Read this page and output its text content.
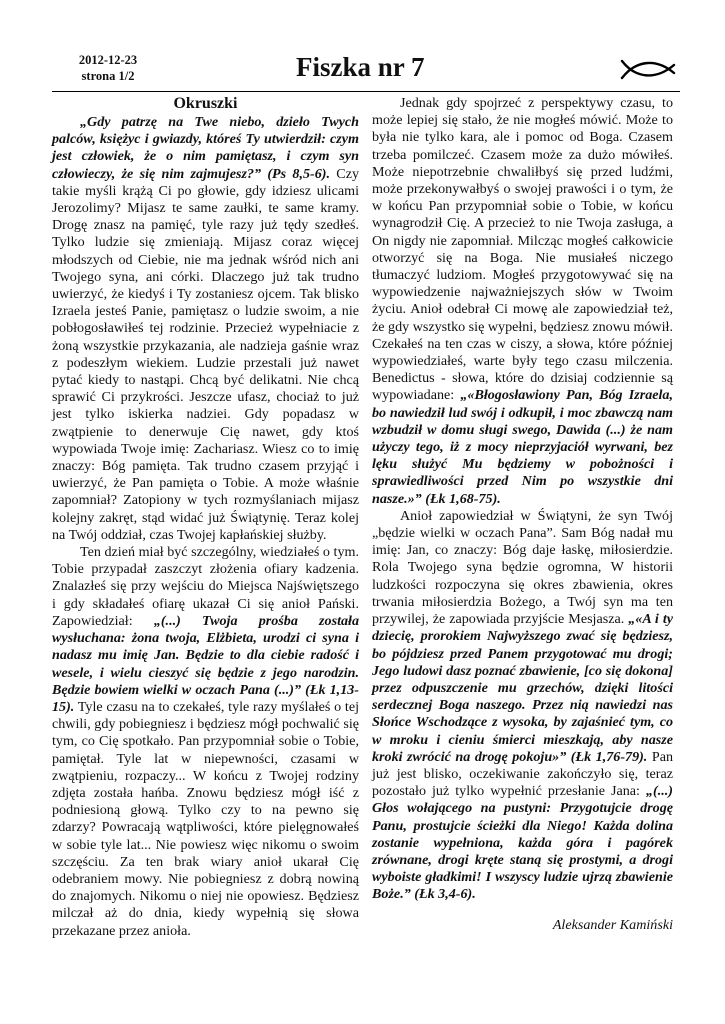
2012-12-23
strona 1/2	Fiszka nr 7
Okruszki

„Gdy patrzę na Twe niebo, dzieło Twych palców, księżyc i gwiazdy, któreś Ty utwierdził: czym jest człowiek, że o nim pamiętasz, i czym syn człowieczy, że się nim zajmujesz?” (Ps 8,5-6). Czy takie myśli krążą Ci po głowie, gdy idziesz ulicami Jerozolimy? Mijasz te same zaułki, te same kramy. Drogę znasz na pamięć, tyle razy już tędy szedłeś. Tylko ludzie się zmieniają. Mijasz coraz więcej młodszych od Ciebie, nie ma jednak wśród nich ani Twojego syna, ani córki. Dlaczego już tak trudno uwierzyć, że kiedyś i Ty zostaniesz ojcem. Tak blisko Izraela jesteś Panie, pamiętasz o ludzie swoim, a nie pobłogosławiłeś tej rodzinie. Przecież wypełniacie z żoną wszystkie przykazania, ale nadzieja gaśnie wraz z podeszłym wiekiem. Ludzie przestali już nawet pytać kiedy to nastąpi. Chcą być delikatni. Nie chcą sprawić Ci przykrości. Jeszcze ufasz, chociaż to już jest tylko iskierka nadziei. Gdy popadasz w zwątpienie to denerwuje Cię nawet, gdy ktoś wypowiada Twoje imię: Zachariasz. Wiesz co to imię znaczy: Bóg pamięta. Tak trudno czasem przyjąć i uwierzyć, że Pan pamięta o Tobie. A może właśnie zapomniał? Zatopiony w tych rozmyślaniach mijasz kolejny zakręt, stąd widać już Świątynię. Teraz kolej na Twój oddział, czas Twojej kapłańskiej służby.

Ten dzień miał być szczególny, wiedziałeś o tym. Tobie przypadał zaszczyt złożenia ofiary kadzenia. Znalazłeś się przy wejściu do Miejsca Najświętszego i gdy składałeś ofiarę ukazał Ci się anioł Pański. Zapowiedział: „(...) Twoja prośba została wysłuchana: żona twoja, Elżbieta, urodzi ci syna i nadasz mu imię Jan. Będzie to dla ciebie radość i wesele, i wielu cieszyć się będzie z jego narodzin. Będzie bowiem wielki w oczach Pana (...)” (Łk 1,13-15). Tyle czasu na to czekałeś, tyle razy myślałeś o tej chwili, gdy pobiegniesz i będziesz mógł pochwalić się tym, co Cię spotkało. Pan przypomniał sobie o Tobie, pamiętał. Tyle lat w niepewności, czasami w zwątpieniu, rozpaczy... W końcu z Twojej rodziny zdjęta została hańba. Znowu będziesz mógł iść z podniesioną głową. Tylko czy to na pewno się zdarzy? Powracają wątpliwości, które pielęgnowałeś w sobie tyle lat... Nie powiesz więc nikomu o swoim szczęściu. Za ten brak wiary anioł ukarał Cię odebraniem mowy. Nie pobiegniesz z dobrą nowiną do znajomych. Nikomu o niej nie opowiesz. Będziesz milczał aż do dnia, kiedy wypełnią się słowa przekazane przez anioła.

Jednak gdy spojrzeć z perspektywy czasu, to może lepiej się stało, że nie mogłeś mówić. Może to była nie tylko kara, ale i pomoc od Boga. Czasem trzeba pomilczeć. Czasem może za dużo mówiłeś. Może niepotrzebnie chwaliłbyś się przed ludźmi, może przekonywałbyś o swojej prawości i o tym, że w końcu Pan przypomniał sobie o Tobie, w końcu wynagrodził Cię. A przecież to nie Twoja zasługa, a On nigdy nie zapomniał. Milcząc mogłeś całkowicie otworzyć się na Boga. Nie musiałeś niczego tłumaczyć ludziom. Mogłeś przygotowywać się na wypowiedzenie najważniejszych słów w Twoim życiu. Anioł odebrał Ci mowę ale zapowiedział też, że gdy wszystko się wypełni, będziesz znowu mówił. Czekałeś na ten czas w ciszy, a słowa, które później wypowiedziałeś, warte były tego czasu milczenia. Benedictus - słowa, które do dzisiaj codziennie są wypowiadane: „«Błogosławiony Pan, Bóg Izraela, bo nawiedził lud swój i odkupił, i moc zbawczą nam wzbudził w domu sługi swego, Dawida (...) że nam użyczy tego, iż z mocy nieprzyjaciół wyrwani, bez lęku służyć Mu będziemy w pobożności i sprawiedliwości przed Nim po wszystkie dni nasze.»” (Łk 1,68-75).

Anioł zapowiedział w Świątyni, że syn Twój „będzie wielki w oczach Pana”. Sam Bóg nadał mu imię: Jan, co znaczy: Bóg daje łaskę, miłosierdzie. Rola Twojego syna będzie ogromna, W historii ludzkości rozpoczyna się okres zbawienia, okres trwania miłosierdzia Bożego, a Twój syn ma ten przywilej, że zapowiada przyjście Mesjasza. „«A i ty dziecię, prorokiem Najwyższego zwać się będziesz, bo pójdziesz przed Panem przygotować mu drogi; Jego ludowi dasz poznać zbawienie, [co się dokona] przez odpuszczenie mu grzechów, dzięki litości serdecznej Boga naszego. Przez nią nawiedzi nas Słońce Wschodzące z wysoka, by zajaśnieć tym, co w mroku i cieniu śmierci mieszkają, aby nasze kroki zwrócić na drogę pokoju»” (Łk 1,76-79). Pan już jest blisko, oczekiwanie zakończyło się, teraz pozostało już tylko wypełnić przesłanie Jana: „(...) Głos wołającego na pustyni: Przygotujcie drogę Panu, prostujcie ścieżki dla Niego! Każda dolina zostanie wypełniona, każda góra i pagórek zrównane, drogi kręte staną się prostymi, a drogi wyboiste gładkimi! I wszyscy ludzie ujrzą zbawienie Boże.” (Łk 3,4-6).

Aleksander Kamiński
